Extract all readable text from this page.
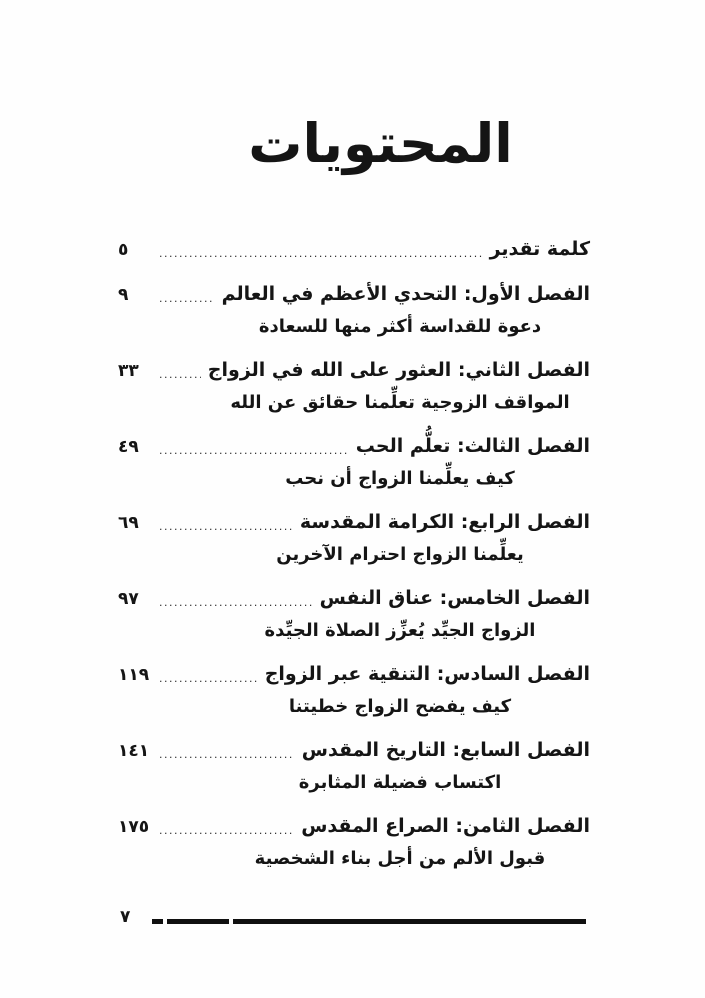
المحتويات
كلمة تقدير
.....
٥
الفصل الأول: التحدي الأعظم في العالم
.....
٩
دعوة للقداسة أكثر منها للسعادة
الفصل الثاني: العثور على الله في الزواج
.....
٣٣
المواقف الزوجية تعلِّمنا حقائق عن الله
الفصل الثالث: تعلُّم الحب
.....
٤٩
كيف يعلِّمنا الزواج أن نحب
الفصل الرابع: الكرامة المقدسة
.....
٦٩
يعلِّمنا الزواج احترام الآخرين
الفصل الخامس: عناق النفس
.....
٩٧
الزواج الجيِّد يُعزِّز الصلاة الجيِّدة
الفصل السادس: التنقية عبر الزواج
.....
١١٩
كيف يفضح الزواج خطيتنا
الفصل السابع: التاريخ المقدس
.....
١٤١
اكتساب فضيلة المثابرة
الفصل الثامن: الصراع المقدس
.....
١٧٥
قبول الألم من أجل بناء الشخصية
٧
